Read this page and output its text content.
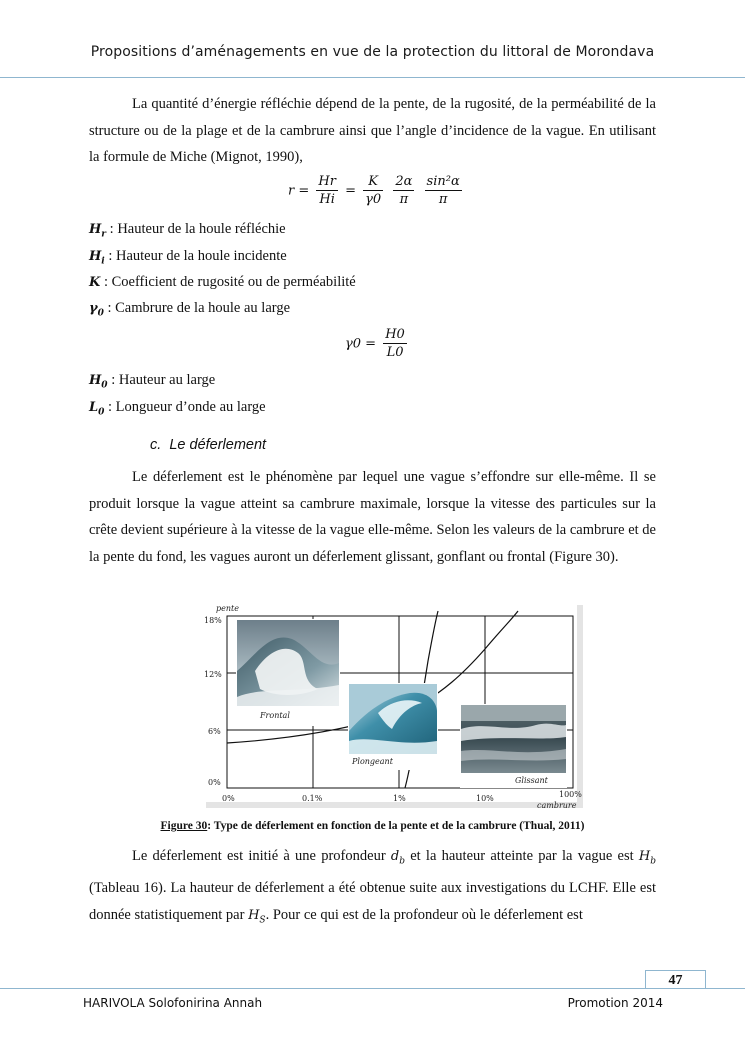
Propositions d’aménagements en vue de la protection du littoral de Morondava

La quantité d’énergie réfléchie dépend de la pente, de la rugosité, de la perméabilité de la structure ou de la plage et de la cambrure ainsi que l’angle d’incidence de la vague. En utilisant la formule de Miche (Mignot, 1990),

$r = \frac{Hr}{Hi} = \frac{K}{\gamma 0}$
$\frac{2\alpha}{\pi}$
$\frac{\text{sin²α}}{\pi}$
$H_r$ : Hauteur de la houle réfléchie
$H_i$ : Hauteur de la houle incidente
K : Coefficient de rugosité ou de perméabilité
$\gamma_0$ : Cambrure de la houle au large
$\gamma 0 = \frac{H0}{L0}$
$H_0$ : Hauteur au large
$L_0$ : Longueur d’onde au large
c. Le déferlement

Le déferlement est le phénomène par lequel une vague s’effondre sur elle-même. Il se produit lorsque la vague atteint sa cambrure maximale, lorsque la vitesse des particules sur la crête devient supérieure à la vitesse de la vague elle-même. Selon les valeurs de la cambrure et de la pente du fond, les vagues auront un déferlement glissant, gonflant ou frontal (Figure 30).

pente
cambrure
18%
12%
6%
0%
0%	0.1%	1%	10%	100%
Frontal
Plongeant
Glissant
Figure 30: Type de déferlement en fonction de la pente et de la cambrure (Thual, 2011)

Le déferlement est initié à une profondeur $d_b$ et la hauteur atteinte par la vague est $H_b$ (Tableau 16). La hauteur de déferlement a été obtenue suite aux investigations du LCHF. Elle est donnée statistiquement par $H_S$. Pour ce qui est de la profondeur où le déferlement est

47
HARIVOLA Solofonirina Annah	Promotion 2014
